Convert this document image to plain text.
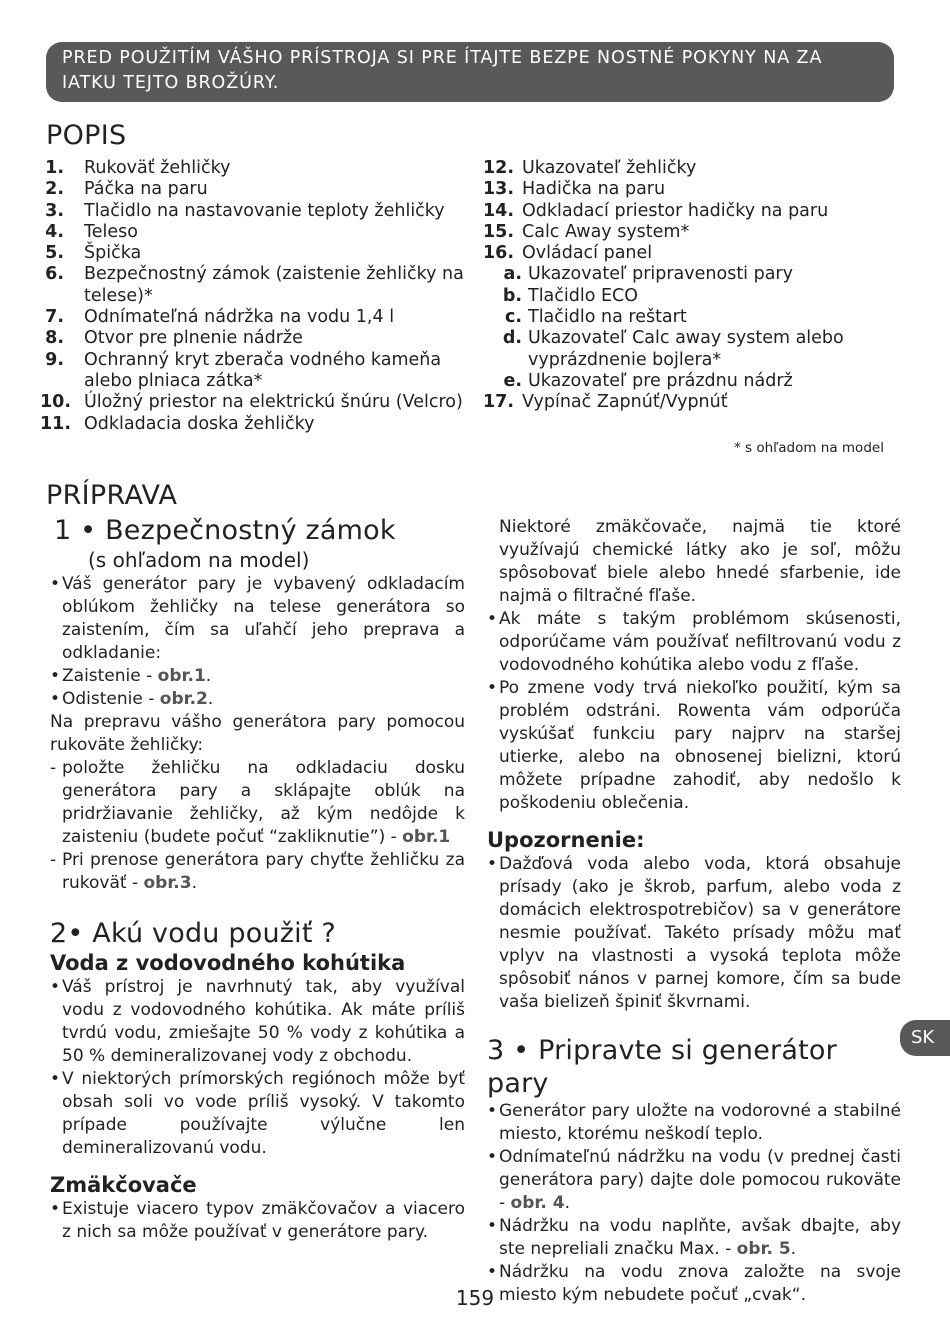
PRED POUŽITÍM VÁŠHO PRÍSTROJA SI PRE ÍTAJTE BEZPE NOSTNÉ POKYNY NA ZA IATKU TEJTO BROŽÚRY.
POPIS
1. Rukoväť žehličky
2. Páčka na paru
3. Tlačidlo na nastavovanie teploty žehličky
4. Teleso
5. Špička
6. Bezpečnostný zámok (zaistenie žehličky na telese)*
7. Odnímateľná nádržka na vodu 1,4 l
8. Otvor pre plnenie nádrže
9. Ochranný kryt zberača vodného kameňa alebo plniaca zátka*
10. Úložný priestor na elektrickú šnúru (Velcro)
11. Odkladacia doska žehličky
12. Ukazovateľ žehličky
13. Hadička na paru
14. Odkladací priestor hadičky na paru
15. Calc Away system*
16. Ovládací panel
a. Ukazovateľ pripravenosti pary
b. Tlačidlo ECO
c. Tlačidlo na reštart
d. Ukazovateľ Calc away system alebo vyprázdnenie bojlera*
e. Ukazovateľ pre prázdnu nádrž
17. Vypínač Zapnúť/Vypnúť
* s ohľadom na model
PRÍPRAVA
1 • Bezpečnostný zámok
(s ohľadom na model)
• Váš generátor pary je vybavený odkladacím oblúkom žehličky na telese generátora so zaistením, čím sa uľahčí jeho preprava a odkladanie:
• Zaistenie - obr.1.
• Odistenie - obr.2.
Na prepravu vášho generátora pary pomocou rukoväte žehličky:
- položte žehličku na odkladaciu dosku generátora pary a sklápajte oblúk na pridržiavanie žehličky, až kým nedôjde k zaisteniu (budete počuť “zakliknutie”) - obr.1
- Pri prenose generátora pary chyťte žehličku za rukoväť - obr.3.
2• Akú vodu použiť ?
Voda z vodovodného kohútika
• Váš prístroj je navrhnutý tak, aby využíval vodu z vodovodného kohútika. Ak máte príliš tvrdú vodu, zmiešajte 50 % vody z kohútika a 50 % demineralizovanej vody z obchodu.
• V niektorých prímorských regiónoch môže byť obsah soli vo vode príliš vysoký. V takomto prípade používajte výlučne len demineralizovanú vodu.
Zmäkčovače
• Existuje viacero typov zmäkčovačov a viacero z nich sa môže používať v generátore pary.
Niektoré zmäkčovače, najmä tie ktoré využívajú chemické látky ako je soľ, môžu spôsobovať biele alebo hnedé sfarbenie, ide najmä o filtračné fľaše.
• Ak máte s takým problémom skúsenosti, odporúčame vám používať nefiltrovanú vodu z vodovodného kohútika alebo vodu z fľaše.
• Po zmene vody trvá niekoľko použití, kým sa problém odstráni. Rowenta vám odporúča vyskúšať funkciu pary najprv na staršej utierke, alebo na obnosenej bielizni, ktorú môžete prípadne zahodiť, aby nedošlo k poškodeniu oblečenia.
Upozornenie:
• Dažďová voda alebo voda, ktorá obsahuje prísady (ako je škrob, parfum, alebo voda z domácich elektrospotrebičov) sa v generátore nesmie používať. Takéto prísady môžu mať vplyv na vlastnosti a vysoká teplota môže spôsobiť nános v parnej komore, čím sa bude vaša bielizeň špiniť škvrnami.
3 • Pripravte si generátor pary
• Generátor pary uložte na vodorovné a stabilné miesto, ktorému neškodí teplo.
• Odnímateľnú nádržku na vodu (v prednej časti generátora pary) dajte dole pomocou rukoväte - obr. 4.
• Nádržku na vodu naplňte, avšak dbajte, aby ste nepreliali značku Max. - obr. 5.
• Nádržku na vodu znova založte na svoje miesto kým nebudete počuť „cvak“.
SK
159
